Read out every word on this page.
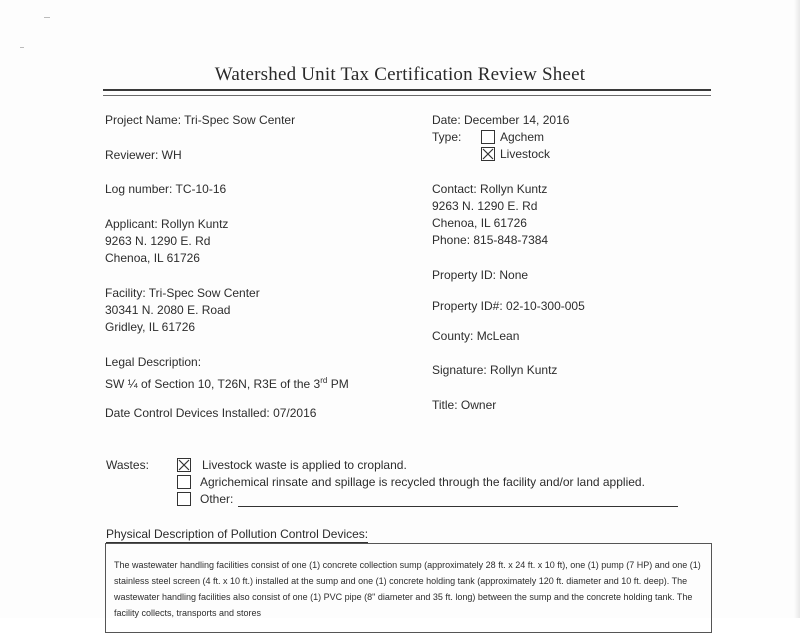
Watershed Unit Tax Certification Review Sheet
Project Name: Tri-Spec Sow Center
Reviewer: WH
Log number: TC-10-16
Applicant: Rollyn Kuntz
9263 N. 1290 E. Rd
Chenoa, IL 61726
Facility: Tri-Spec Sow Center
30341 N. 2080 E. Road
Gridley, IL 61726
Legal Description:
SW ¼ of Section 10, T26N, R3E of the 3rd PM
Date Control Devices Installed: 07/2016
Date: December 14, 2016
Type:	Agchem
Livestock
Contact: Rollyn Kuntz
9263 N. 1290 E. Rd
Chenoa, IL 61726
Phone: 815-848-7384
Property ID: None
Property ID#: 02-10-300-005
County: McLean
Signature: Rollyn Kuntz
Title: Owner
Wastes:	Livestock waste is applied to cropland.
Agrichemical rinsate and spillage is recycled through the facility and/or land applied.
Other:
Physical Description of Pollution Control Devices:
The wastewater handling facilities consist of one (1) concrete collection sump (approximately 28 ft. x 24 ft. x 10 ft), one (1) pump (7 HP) and one (1) stainless steel screen (4 ft. x 10 ft.) installed at the sump and one (1) concrete holding tank (approximately 120 ft. diameter and 10 ft. deep). The wastewater handling facilities also consist of one (1) PVC pipe (8" diameter and 35 ft. long) between the sump and the concrete holding tank. The facility collects, transports and stores
